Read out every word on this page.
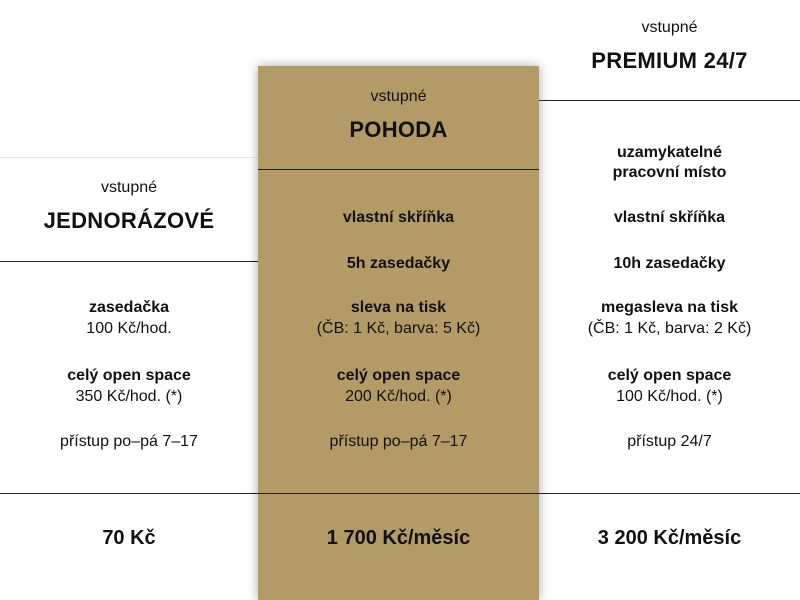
vstupné
JEDNORÁZOVÉ
zasedačka
100 Kč/hod.
celý open space
350 Kč/hod. (*)
přístup po–pá 7–17
70 Kč
vstupné
POHODA
vlastní skříňka
5h zasedačky
sleva na tisk
(ČB: 1 Kč, barva: 5 Kč)
celý open space
200 Kč/hod. (*)
přístup po–pá 7–17
1 700 Kč/měsíc
vstupné
PREMIUM 24/7
uzamykatelné
pracovní místo
vlastní skříňka
10h zasedačky
megasleva na tisk
(ČB: 1 Kč, barva: 2 Kč)
celý open space
100 Kč/hod. (*)
přístup 24/7
3 200 Kč/měsíc
